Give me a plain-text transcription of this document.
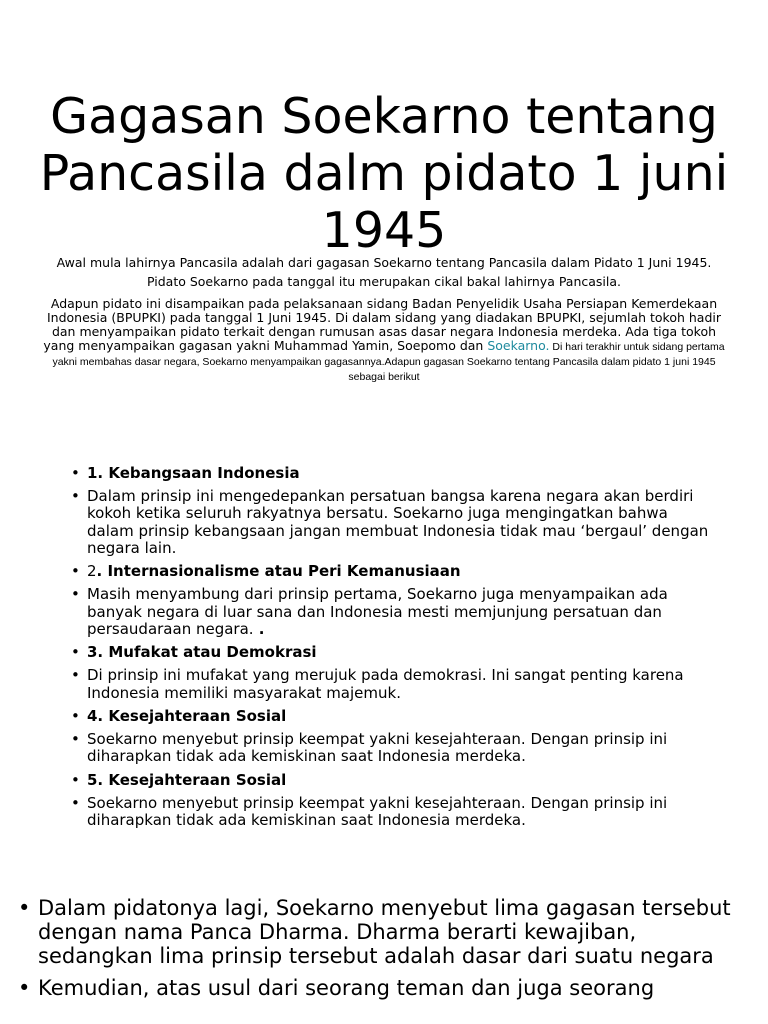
Gagasan Soekarno tentang Pancasila dalm pidato 1 juni 1945

Awal mula lahirnya Pancasila adalah dari gagasan Soekarno tentang Pancasila dalam Pidato 1 Juni 1945.

Pidato Soekarno pada tanggal itu merupakan cikal bakal lahirnya Pancasila.

Adapun pidato ini disampaikan pada pelaksanaan sidang Badan Penyelidik Usaha Persiapan Kemerdekaan Indonesia (BPUPKI) pada tanggal 1 Juni 1945. Di dalam sidang yang diadakan BPUPKI, sejumlah tokoh hadir dan menyampaikan pidato terkait dengan rumusan asas dasar negara Indonesia merdeka. Ada tiga tokoh yang menyampaikan gagasan yakni Muhammad Yamin, Soepomo dan Soekarno. Di hari terakhir untuk sidang pertama yakni membahas dasar negara, Soekarno menyampaikan gagasannya.Adapun gagasan Soekarno tentang Pancasila dalam pidato 1 juni 1945 sebagai berikut

• 1. Kebangsaan Indonesia
• Dalam prinsip ini mengedepankan persatuan bangsa karena negara akan berdiri kokoh ketika seluruh rakyatnya bersatu. Soekarno juga mengingatkan bahwa dalam prinsip kebangsaan jangan membuat Indonesia tidak mau ‘bergaul’ dengan negara lain.
• 2. Internasionalisme atau Peri Kemanusiaan
• Masih menyambung dari prinsip pertama, Soekarno juga menyampaikan ada banyak negara di luar sana dan Indonesia mesti memjunjung persatuan dan persaudaraan negara. .
• 3. Mufakat atau Demokrasi
• Di prinsip ini mufakat yang merujuk pada demokrasi. Ini sangat penting karena Indonesia memiliki masyarakat majemuk.
• 4. Kesejahteraan Sosial
• Soekarno menyebut prinsip keempat yakni kesejahteraan. Dengan prinsip ini diharapkan tidak ada kemiskinan saat Indonesia merdeka.
• 5. Kesejahteraan Sosial
• Soekarno menyebut prinsip keempat yakni kesejahteraan. Dengan prinsip ini diharapkan tidak ada kemiskinan saat Indonesia merdeka.
• Dalam pidatonya lagi, Soekarno menyebut lima gagasan tersebut dengan nama Panca Dharma. Dharma berarti kewajiban, sedangkan lima prinsip tersebut adalah dasar dari suatu negara
• Kemudian, atas usul dari seorang teman dan juga seorang
